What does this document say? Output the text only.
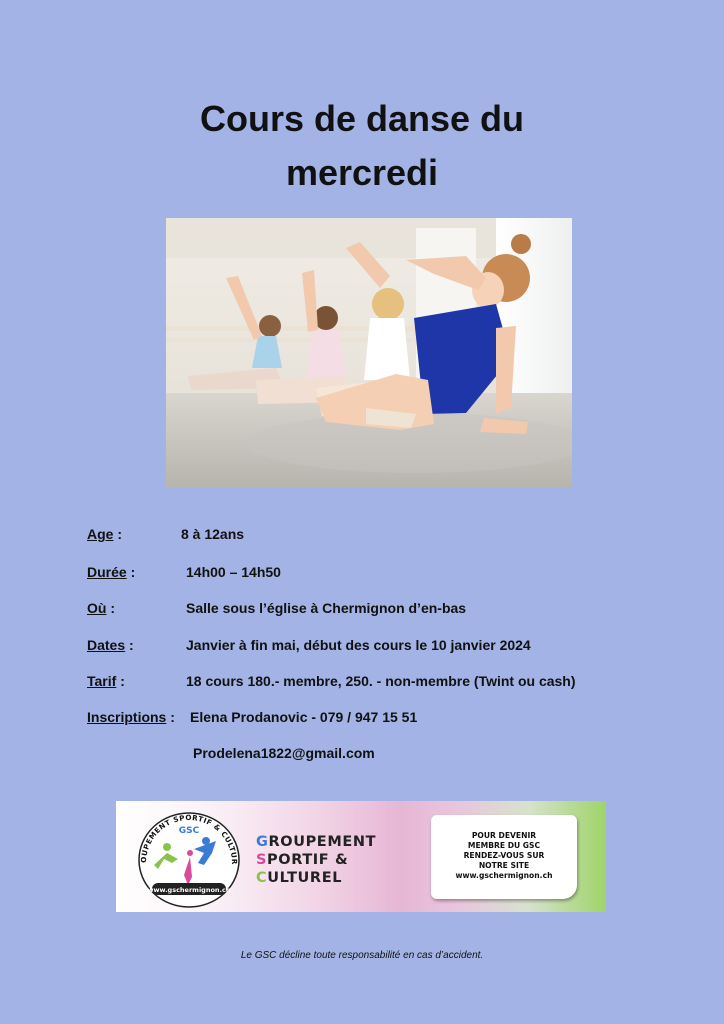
Cours de danse du
mercredi
Age :	8 à 12ans
Durée :	14h00 – 14h50
Où :	Salle sous l’église à Chermignon d’en-bas
Dates :	Janvier à fin mai, début des cours le 10 janvier 2024
Tarif :	18 cours 180.- membre, 250. - non-membre (Twint ou cash)
Inscriptions : Elena Prodanovic - 079 / 947 15 51
Prodelena1822@gmail.com
OUPEMENT SPORTIF & CULTUR
GSC
www.gschermignon.ch
GROUPEMENT
SPORTIF &
CULTUREL
POUR DEVENIR
MEMBRE DU GSC
RENDEZ-VOUS SUR
NOTRE SITE
www.gschermignon.ch
Le GSC décline toute responsabilité en cas d’accident.
